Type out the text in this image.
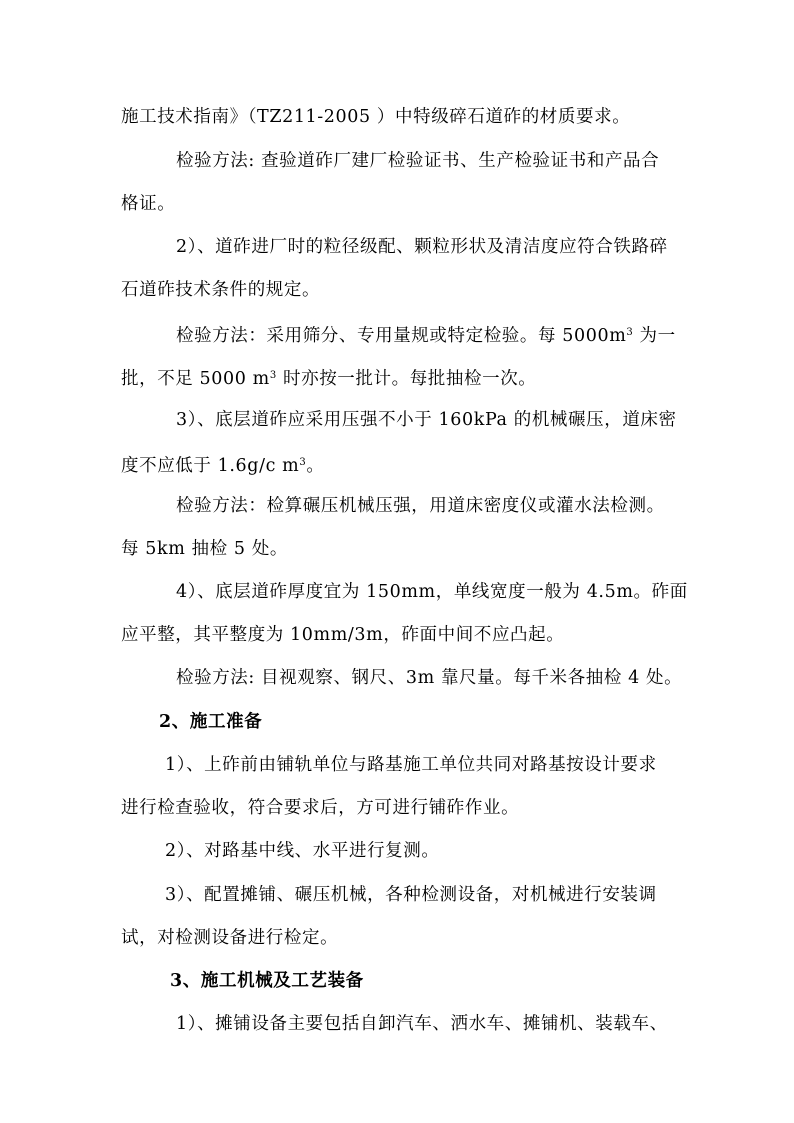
施工技术指南》（TZ211-2005 ）中特级碎石道砟的材质要求。
检验方法: 查验道砟厂建厂检验证书、生产检验证书和产品合
格证。
2）、道砟进厂时的粒径级配、颗粒形状及清洁度应符合铁路碎
石道砟技术条件的规定。
检验方法：采用筛分、专用量规或特定检验。每 $5000m^3$ 为一
批，不足 5000 $m^3$ 时亦按一批计。每批抽检一次。
3）、底层道砟应采用压强不小于 160kPa 的机械碾压，道床密
度不应低于 1.6g/c $m^3$。
检验方法：检算碾压机械压强，用道床密度仪或灌水法检测。
每 5km 抽检 5 处。
4）、底层道砟厚度宜为 150mm，单线宽度一般为 4.5m。砟面
应平整，其平整度为 10mm/3m，砟面中间不应凸起。
检验方法: 目视观察、钢尺、3m 靠尺量。每千米各抽检 4 处。
2、施工准备
1）、上砟前由铺轨单位与路基施工单位共同对路基按设计要求
进行检查验收，符合要求后，方可进行铺砟作业。
2）、对路基中线、水平进行复测。
3）、配置摊铺、碾压机械，各种检测设备，对机械进行安装调
试，对检测设备进行检定。
3、施工机械及工艺装备
1）、摊铺设备主要包括自卸汽车、洒水车、摊铺机、装载车、
